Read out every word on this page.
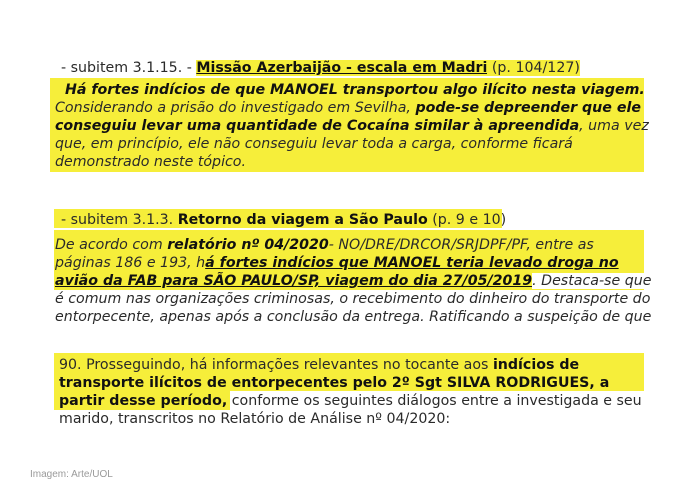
- subitem 3.1.15. - Missão Azerbaijão - escala em Madri (p. 104/127)
Há fortes indícios de que MANOEL transportou algo ilícito nesta viagem.
Considerando a prisão do investigado em Sevilha, pode-se depreender que ele
conseguiu levar uma quantidade de Cocaína similar à apreendida, uma vez
que, em princípio, ele não conseguiu levar toda a carga, conforme ficará
demonstrado neste tópico.
- subitem 3.1.3. Retorno da viagem a São Paulo (p. 9 e 10)
De acordo com relatório nº 04/2020- NO/DRE/DRCOR/SRJDPF/PF, entre as
páginas 186 e 193, há fortes indícios que MANOEL teria levado droga no
avião da FAB para SÃO PAULO/SP, viagem do dia 27/05/2019. Destaca-se que
é comum nas organizações criminosas, o recebimento do dinheiro do transporte do
entorpecente, apenas após a conclusão da entrega. Ratificando a suspeição de que
90. Prosseguindo, há informações relevantes no tocante aos indícios de
transporte ilícitos de entorpecentes pelo 2º Sgt SILVA RODRIGUES, a
partir desse período, conforme os seguintes diálogos entre a investigada e seu
marido, transcritos no Relatório de Análise nº 04/2020:
Imagem: Arte/UOL
